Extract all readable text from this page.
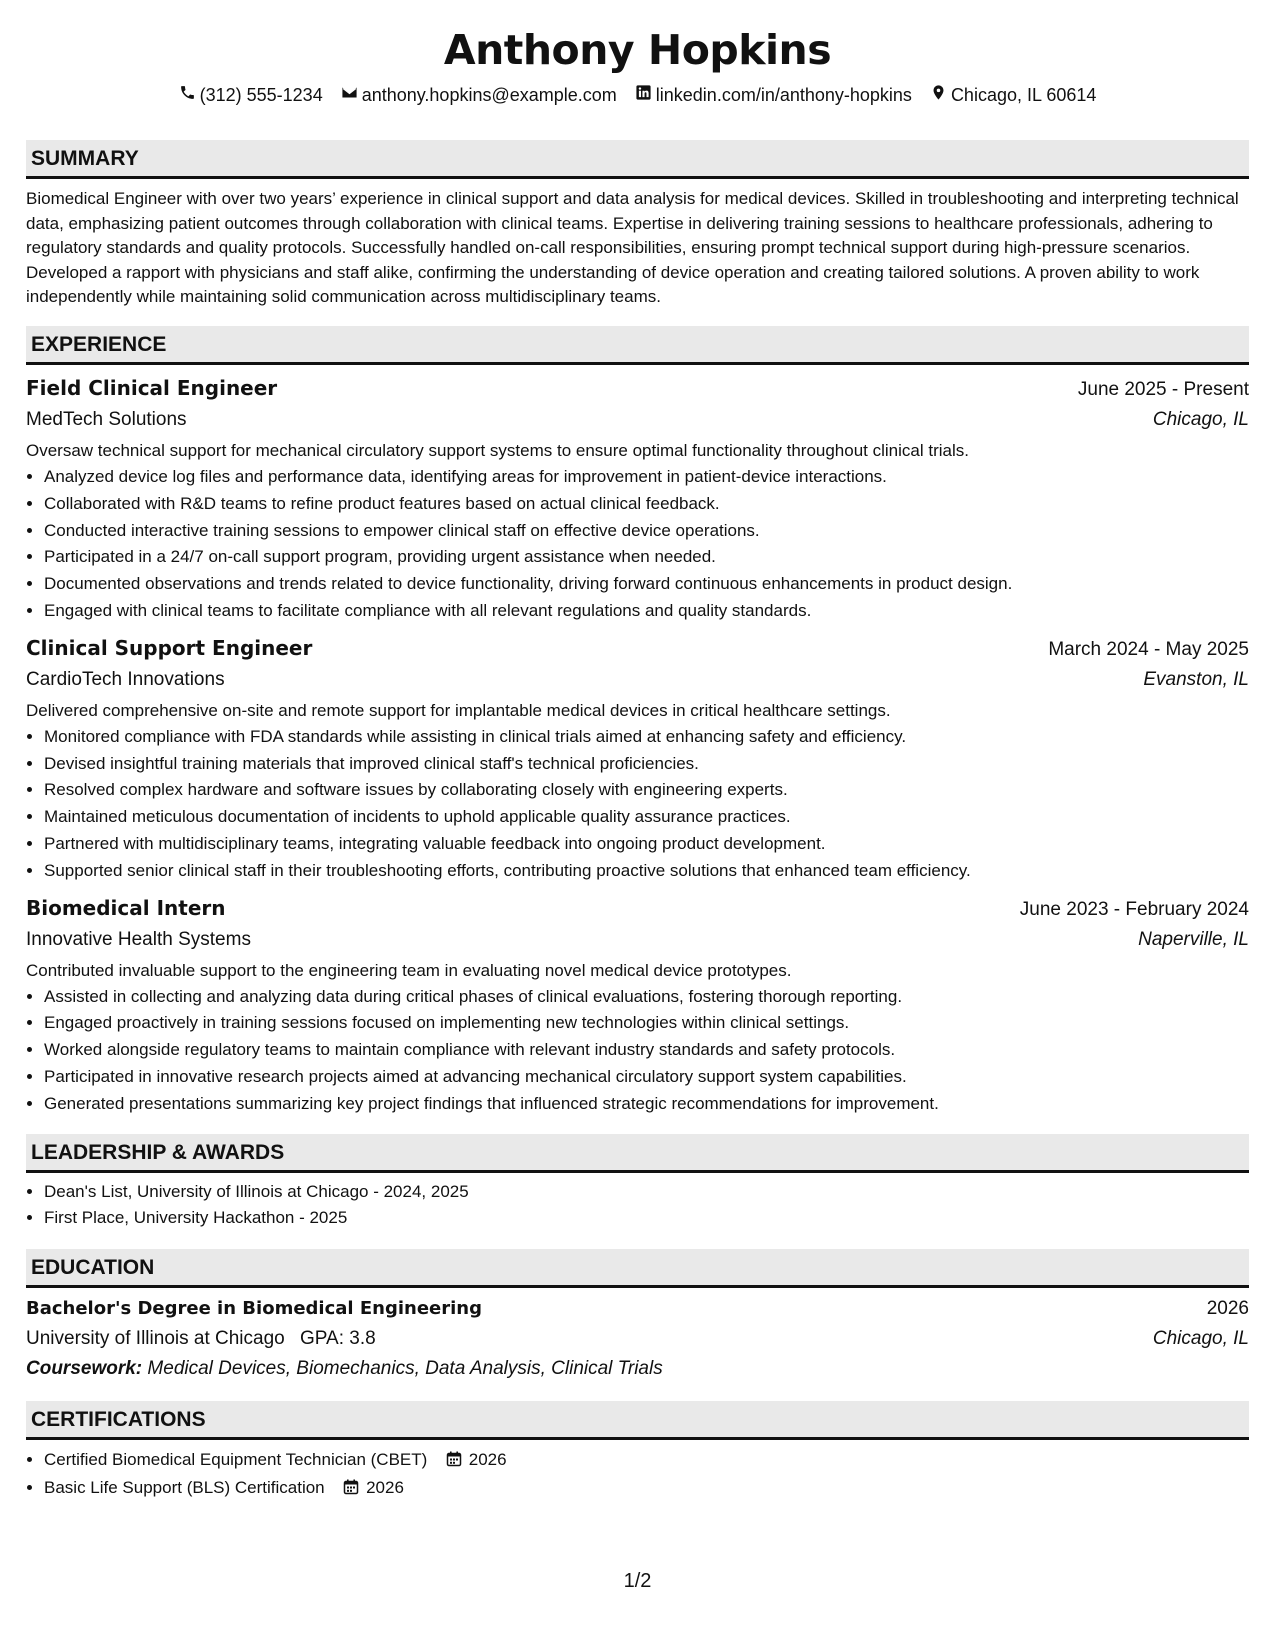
Anthony Hopkins
(312) 555-1234 anthony.hopkins@example.com linkedin.com/in/anthony-hopkins Chicago, IL 60614
SUMMARY
Biomedical Engineer with over two years’ experience in clinical support and data analysis for medical devices. Skilled in troubleshooting and interpreting technical data, emphasizing patient outcomes through collaboration with clinical teams. Expertise in delivering training sessions to healthcare professionals, adhering to regulatory standards and quality protocols. Successfully handled on-call responsibilities, ensuring prompt technical support during high-pressure scenarios. Developed a rapport with physicians and staff alike, confirming the understanding of device operation and creating tailored solutions. A proven ability to work independently while maintaining solid communication across multidisciplinary teams.
EXPERIENCE
Field Clinical Engineer	June 2025 - Present
MedTech Solutions	Chicago, IL
Oversaw technical support for mechanical circulatory support systems to ensure optimal functionality throughout clinical trials.
• Analyzed device log files and performance data, identifying areas for improvement in patient-device interactions.
• Collaborated with R&D teams to refine product features based on actual clinical feedback.
• Conducted interactive training sessions to empower clinical staff on effective device operations.
• Participated in a 24/7 on-call support program, providing urgent assistance when needed.
• Documented observations and trends related to device functionality, driving forward continuous enhancements in product design.
• Engaged with clinical teams to facilitate compliance with all relevant regulations and quality standards.
Clinical Support Engineer	March 2024 - May 2025
CardioTech Innovations	Evanston, IL
Delivered comprehensive on-site and remote support for implantable medical devices in critical healthcare settings.
• Monitored compliance with FDA standards while assisting in clinical trials aimed at enhancing safety and efficiency.
• Devised insightful training materials that improved clinical staff's technical proficiencies.
• Resolved complex hardware and software issues by collaborating closely with engineering experts.
• Maintained meticulous documentation of incidents to uphold applicable quality assurance practices.
• Partnered with multidisciplinary teams, integrating valuable feedback into ongoing product development.
• Supported senior clinical staff in their troubleshooting efforts, contributing proactive solutions that enhanced team efficiency.
Biomedical Intern	June 2023 - February 2024
Innovative Health Systems	Naperville, IL
Contributed invaluable support to the engineering team in evaluating novel medical device prototypes.
• Assisted in collecting and analyzing data during critical phases of clinical evaluations, fostering thorough reporting.
• Engaged proactively in training sessions focused on implementing new technologies within clinical settings.
• Worked alongside regulatory teams to maintain compliance with relevant industry standards and safety protocols.
• Participated in innovative research projects aimed at advancing mechanical circulatory support system capabilities.
• Generated presentations summarizing key project findings that influenced strategic recommendations for improvement.
LEADERSHIP & AWARDS
• Dean's List, University of Illinois at Chicago - 2024, 2025
• First Place, University Hackathon - 2025
EDUCATION
Bachelor's Degree in Biomedical Engineering	2026
University of Illinois at Chicago GPA: 3.8	Chicago, IL
Coursework: Medical Devices, Biomechanics, Data Analysis, Clinical Trials
CERTIFICATIONS
• Certified Biomedical Equipment Technician (CBET) 2026
• Basic Life Support (BLS) Certification 2026
1/2
